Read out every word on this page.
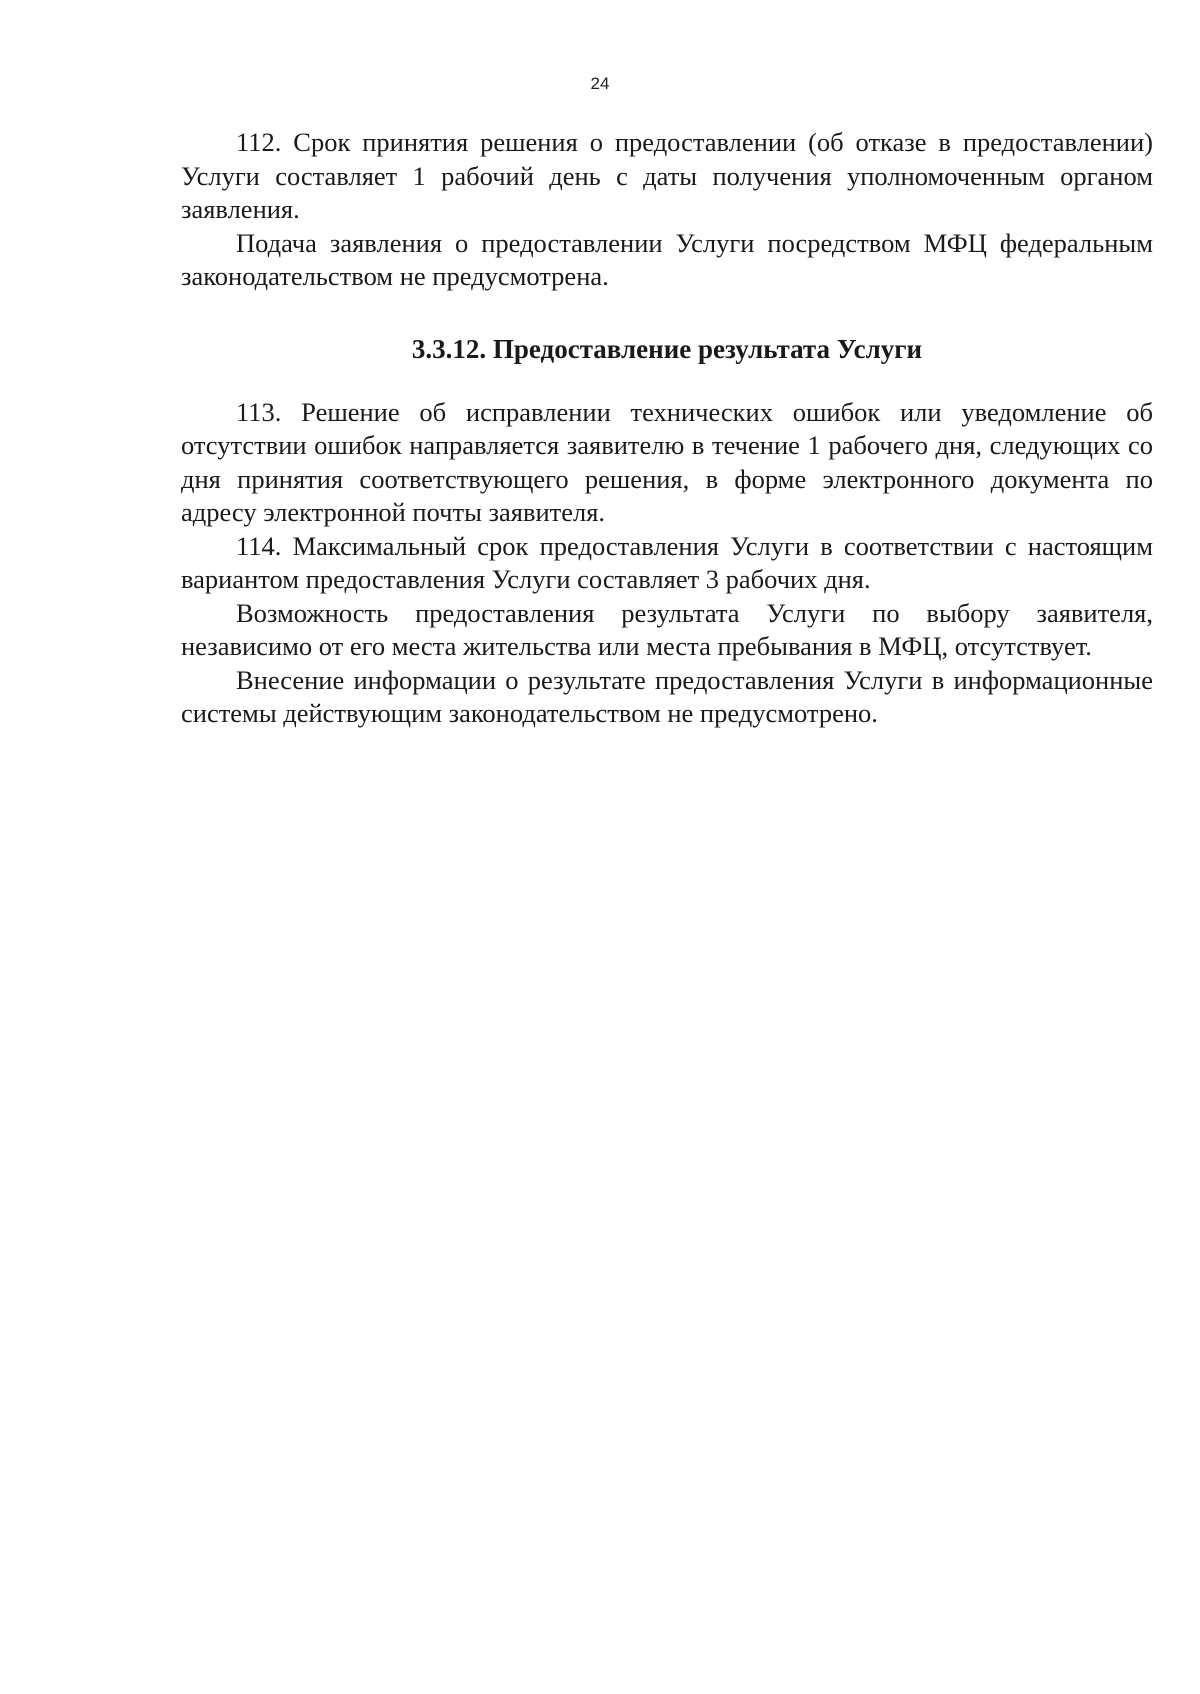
24

112. Срок принятия решения о предоставлении (об отказе в предоставлении) Услуги составляет 1 рабочий день с даты получения уполномоченным органом заявления.

Подача заявления о предоставлении Услуги посредством МФЦ федеральным законодательством не предусмотрена.

3.3.12. Предоставление результата Услуги

113. Решение об исправлении технических ошибок или уведомление об отсутствии ошибок направляется заявителю в течение 1 рабочего дня, следующих со дня принятия соответствующего решения, в форме электронного документа по адресу электронной почты заявителя.

114. Максимальный срок предоставления Услуги в соответствии с настоящим вариантом предоставления Услуги составляет 3 рабочих дня.

Возможность предоставления результата Услуги по выбору заявителя, независимо от его места жительства или места пребывания в МФЦ, отсутствует.

Внесение информации о результате предоставления Услуги в информационные системы действующим законодательством не предусмотрено.
